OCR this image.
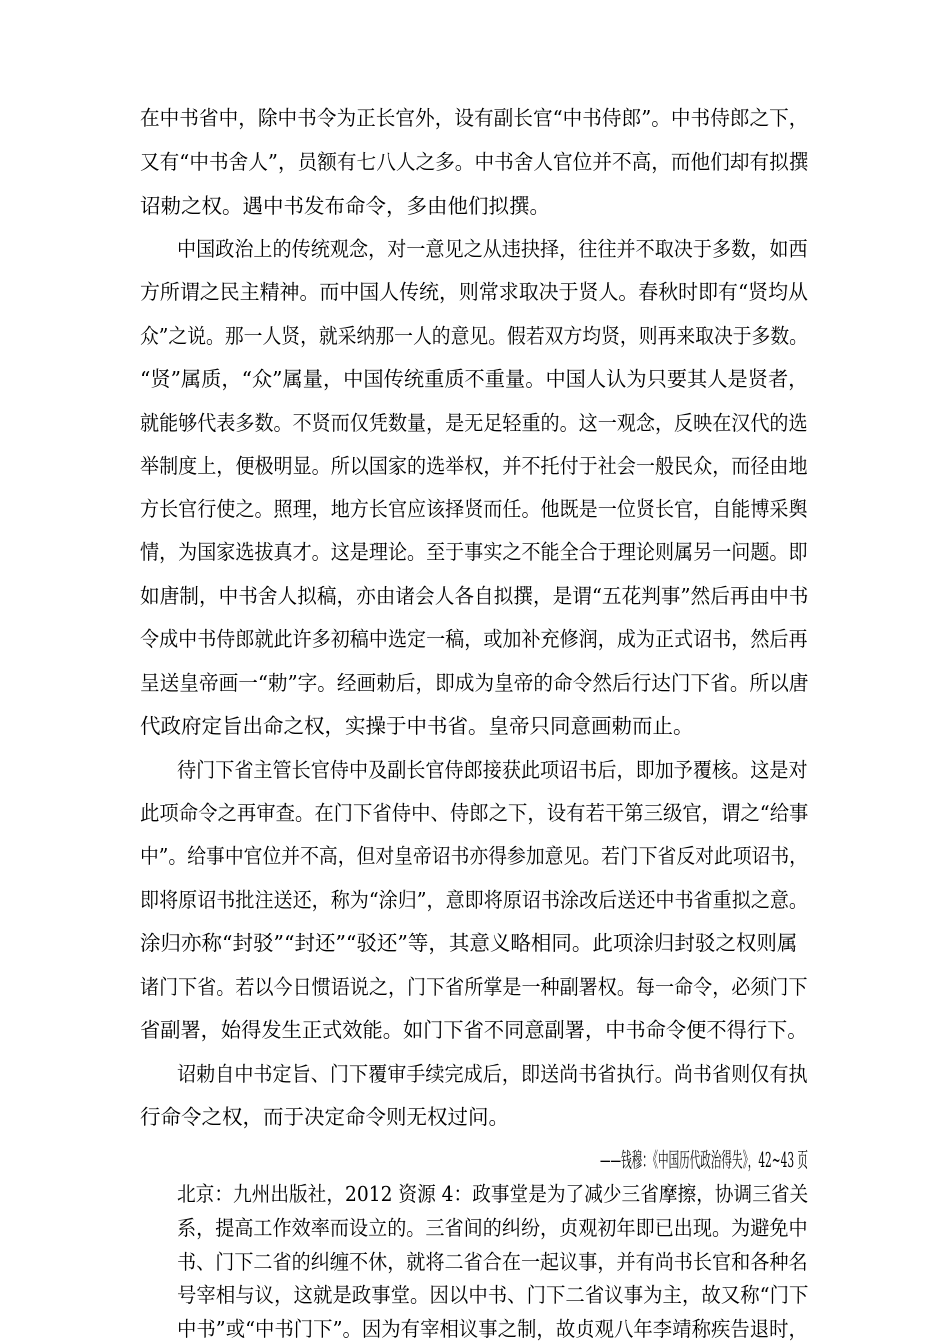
在中书省中，除中书令为正长官外，设有副长官“中书侍郎”。中书侍郎之下，
又有“中书舍人”，员额有七八人之多。中书舍人官位并不高，而他们却有拟撰
诏勅之权。遇中书发布命令，多由他们拟撰。
中国政治上的传统观念，对一意见之从违抉择，往往并不取决于多数，如西
方所谓之民主精神。而中国人传统，则常求取决于贤人。春秋时即有“贤均从
众”之说。那一人贤，就采纳那一人的意见。假若双方均贤，则再来取决于多数。
“贤”属质，“众”属量，中国传统重质不重量。中国人认为只要其人是贤者，
就能够代表多数。不贤而仅凭数量，是无足轻重的。这一观念，反映在汉代的选
举制度上，便极明显。所以国家的选举权，并不托付于社会一般民众，而径由地
方长官行使之。照理，地方长官应该择贤而任。他既是一位贤长官，自能博采舆
情，为国家选拔真才。这是理论。至于事实之不能全合于理论则属另一问题。即
如唐制，中书舍人拟稿，亦由诸会人各自拟撰，是谓“五花判事”然后再由中书
令成中书侍郎就此许多初稿中选定一稿，或加补充修润，成为正式诏书，然后再
呈送皇帝画一“勅”字。经画勅后，即成为皇帝的命令然后行达门下省。所以唐
代政府定旨出命之权，实操于中书省。皇帝只同意画勅而止。
待门下省主管长官侍中及副长官侍郎接获此项诏书后，即加予覆核。这是对
此项命令之再审查。在门下省侍中、侍郎之下，设有若干第三级官，谓之“给事
中”。给事中官位并不高，但对皇帝诏书亦得参加意见。若门下省反对此项诏书，
即将原诏书批注送还，称为“涂归”，意即将原诏书涂改后送还中书省重拟之意。
涂归亦称“封驳”“封还”“驳还”等，其意义略相同。此项涂归封驳之权则属
诸门下省。若以今日惯语说之，门下省所掌是一种副署权。每一命令，必须门下
省副署，始得发生正式效能。如门下省不同意副署，中书命令便不得行下。
诏勅自中书定旨、门下覆审手续完成后，即送尚书省执行。尚书省则仅有执
行命令之权，而于决定命令则无权过问。
——钱穆：《中国历代政治得失》，42~43 页
北京：九州出版社，2012 资源 4：政事堂是为了减少三省摩擦，协调三省关
系，提高工作效率而设立的。三省间的纠纷，贞观初年即已出现。为避免中
书、门下二省的纠缠不休，就将二省合在一起议事，并有尚书长官和各种名
号宰相与议，这就是政事堂。因以中书、门下二省议事为主，故又称“门下
中书”或“中书门下”。因为有宰相议事之制，故贞观八年李靖称疾告退时，
